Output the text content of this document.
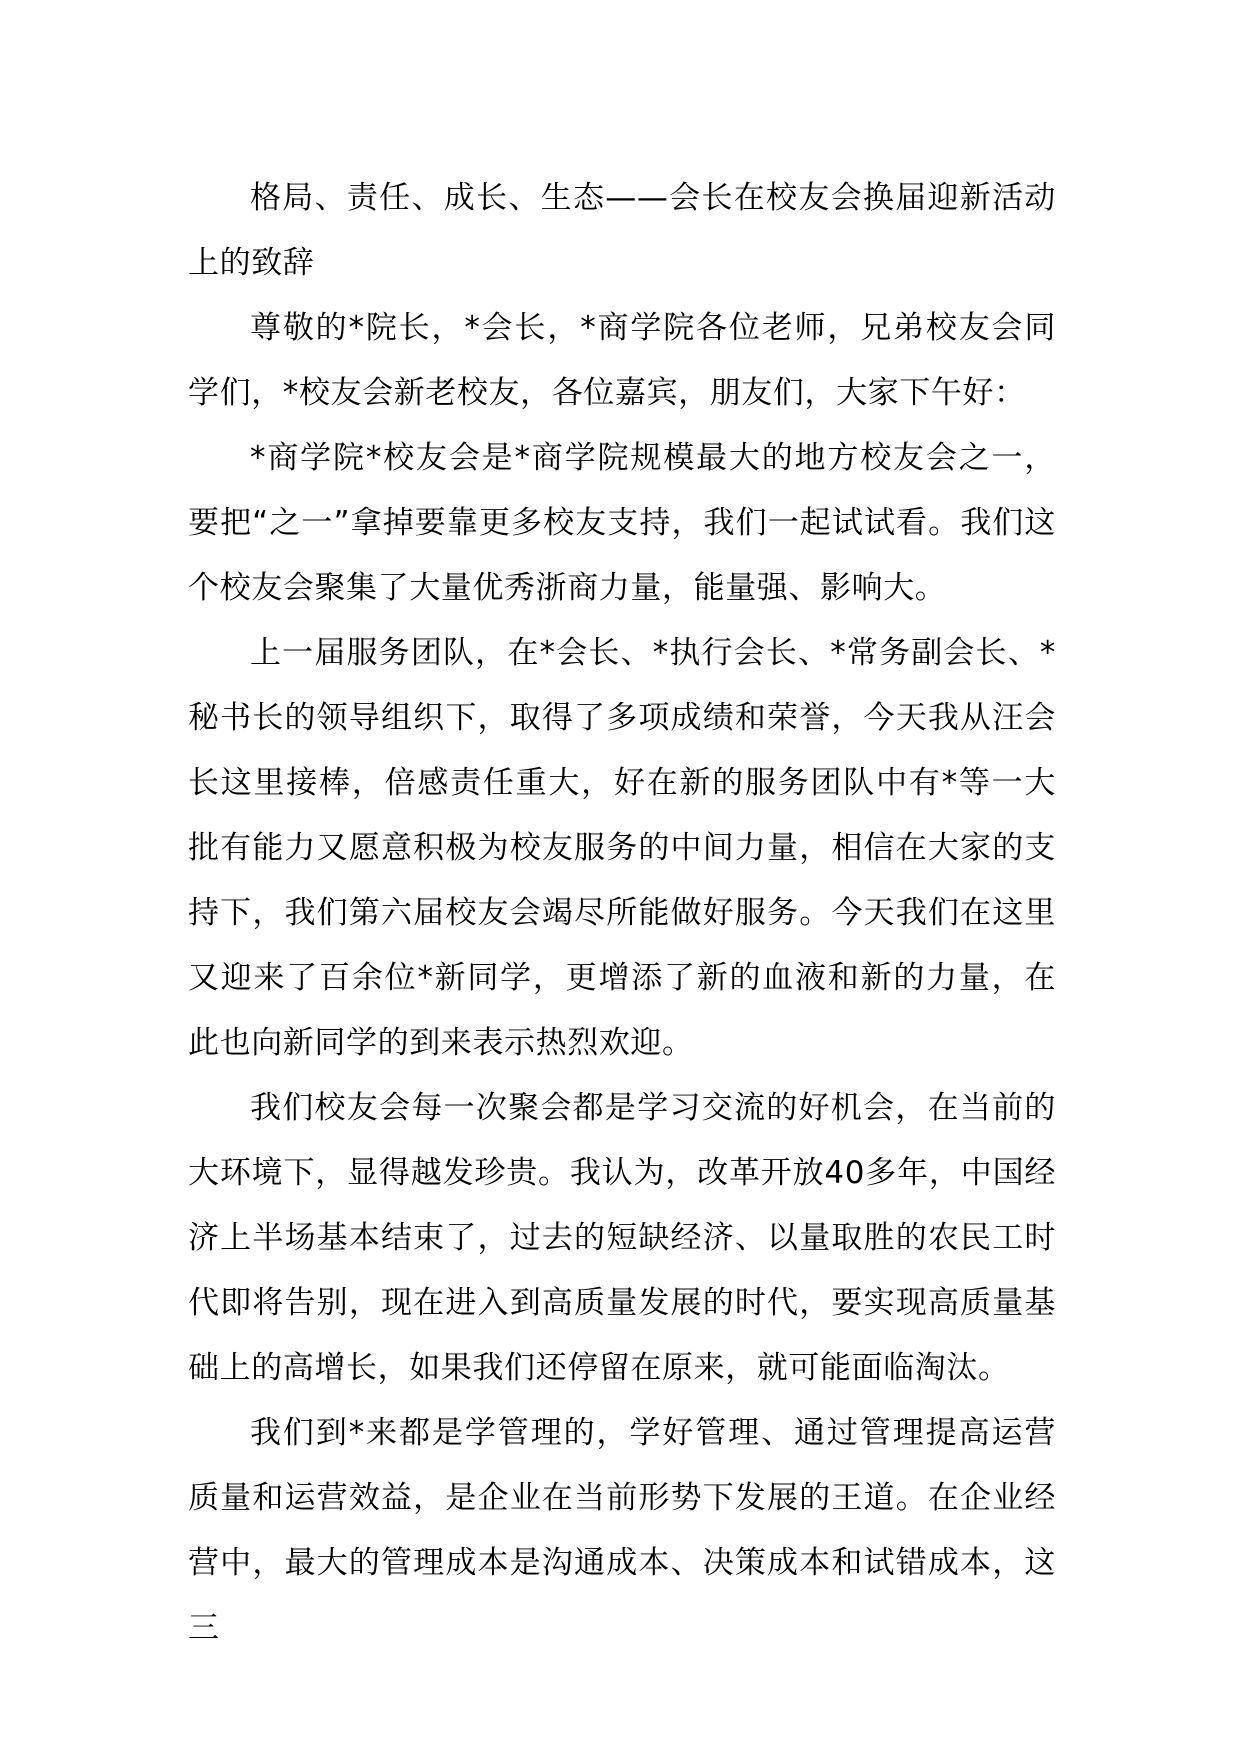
格局、责任、成长、生态——会长在校友会换届迎新活动上的致辞

尊敬的*院长，*会长，*商学院各位老师，兄弟校友会同学们，*校友会新老校友，各位嘉宾，朋友们，大家下午好：

*商学院*校友会是*商学院规模最大的地方校友会之一，要把“之一”拿掉要靠更多校友支持，我们一起试试看。我们这个校友会聚集了大量优秀浙商力量，能量强、影响大。

上一届服务团队，在*会长、*执行会长、*常务副会长、*秘书长的领导组织下，取得了多项成绩和荣誉，今天我从汪会长这里接棒，倍感责任重大，好在新的服务团队中有*等一大批有能力又愿意积极为校友服务的中间力量，相信在大家的支持下，我们第六届校友会竭尽所能做好服务。今天我们在这里又迎来了百余位*新同学，更增添了新的血液和新的力量，在此也向新同学的到来表示热烈欢迎。

我们校友会每一次聚会都是学习交流的好机会，在当前的大环境下，显得越发珍贵。我认为，改革开放40多年，中国经济上半场基本结束了，过去的短缺经济、以量取胜的农民工时代即将告别，现在进入到高质量发展的时代，要实现高质量基础上的高增长，如果我们还停留在原来，就可能面临淘汰。

我们到*来都是学管理的，学好管理、通过管理提高运营质量和运营效益，是企业在当前形势下发展的王道。在企业经营中，最大的管理成本是沟通成本、决策成本和试错成本，这三
